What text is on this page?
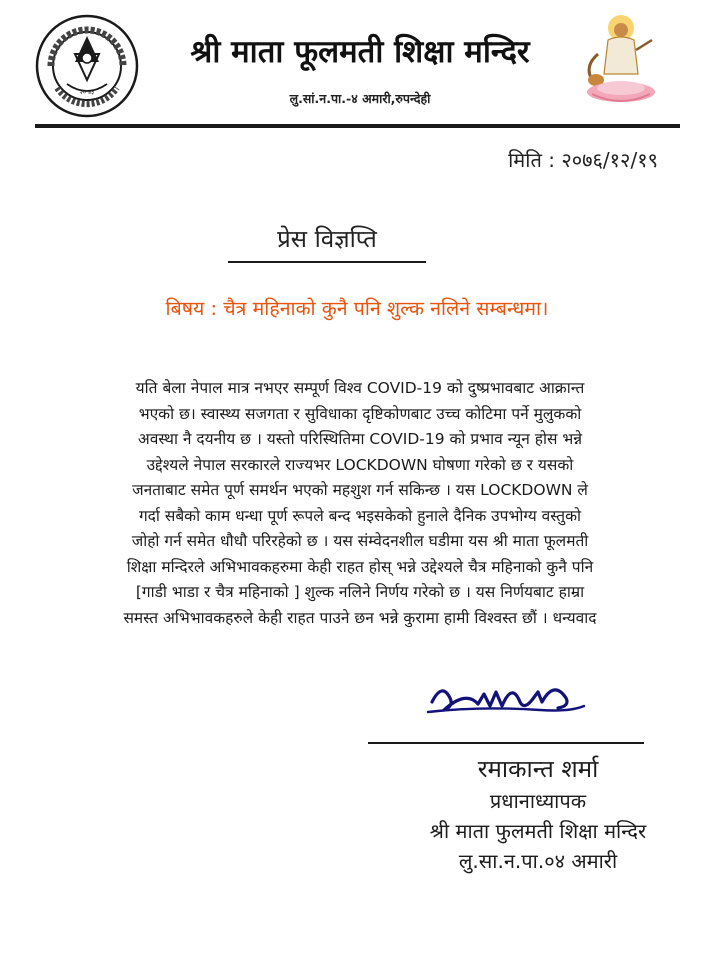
२० ४३
श्री माता फूलमती शिक्षा मन्दिर
लु.सां.न.पा.-४ अमारी,रुपन्देही
मिति : २०७६/१२/१९
प्रेस विज्ञप्ति
बिषय : चैत्र महिनाको कुनै पनि शुल्क नलिने सम्बन्धमा।
यति बेला नेपाल मात्र नभएर सम्पूर्ण विश्व COVID-19 को दुष्प्रभावबाट आक्रान्त
भएको छ। स्वास्थ्य सजगता र सुविधाका दृष्टिकोणबाट उच्च कोटिमा पर्ने मुलुकको
अवस्था नै दयनीय छ । यस्तो परिस्थितिमा COVID-19 को प्रभाव न्यून होस भन्ने
उद्देश्यले नेपाल सरकारले राज्यभर LOCKDOWN घोषणा गरेको छ र यसको
जनताबाट समेत पूर्ण समर्थन भएको महशुश गर्न सकिन्छ । यस LOCKDOWN ले
गर्दा सबैको काम धन्धा पूर्ण रूपले बन्द भइसकेको हुनाले दैनिक उपभोग्य वस्तुको
जोहो गर्न समेत धौधौ परिरहेको छ । यस संम्वेदनशील घडीमा यस श्री माता फूलमती
शिक्षा मन्दिरले अभिभावकहरुमा केही राहत होस् भन्ने उद्देश्यले चैत्र महिनाको कुनै पनि
[गाडी भाडा र चैत्र महिनाको ] शुल्क नलिने निर्णय गरेको छ । यस निर्णयबाट हाम्रा
समस्त अभिभावकहरुले केही राहत पाउने छन भन्ने कुरामा हामी विश्वस्त छौं । धन्यवाद
रमाकान्त शर्मा
प्रधानाध्यापक
श्री माता फुलमती शिक्षा मन्दिर
लु.सा.न.पा.०४ अमारी
